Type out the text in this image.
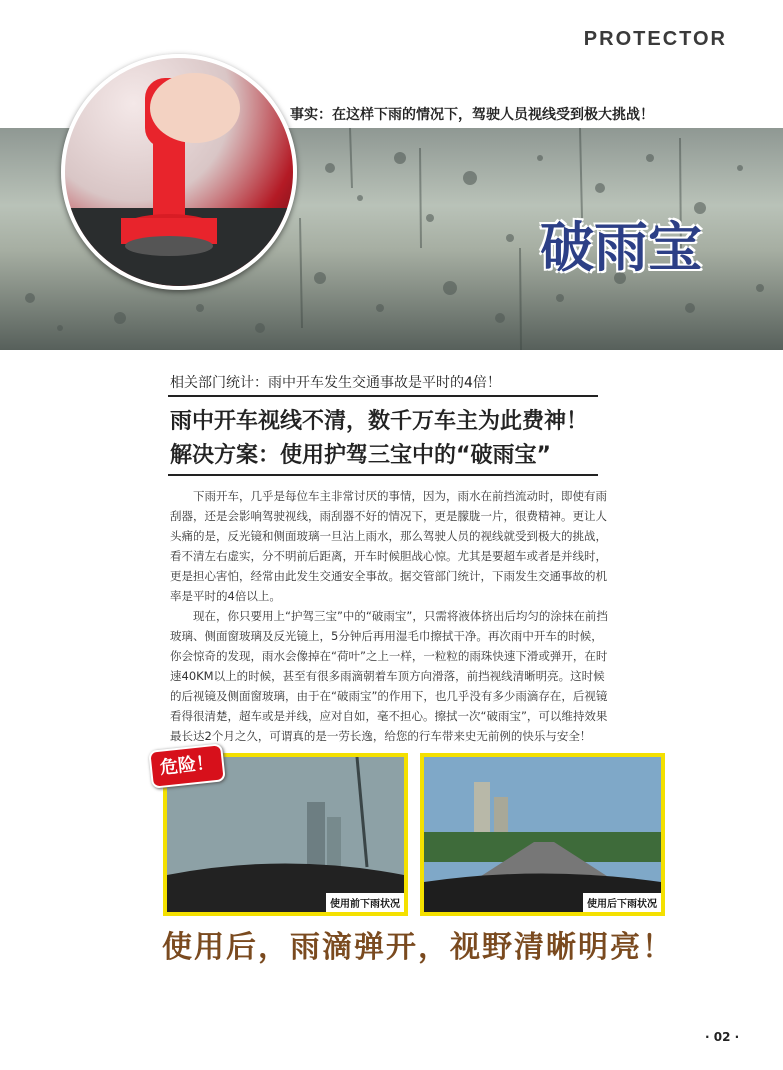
PROTECTOR
事实：在这样下雨的情况下，驾驶人员视线受到极大挑战！
破雨宝
相关部门统计：雨中开车发生交通事故是平时的4倍！
雨中开车视线不清，数千万车主为此费神！
解决方案：使用护驾三宝中的“破雨宝”

下雨开车，几乎是每位车主非常讨厌的事情，因为，雨水在前挡流动时，即使有雨刮器，还是会影响驾驶视线，雨刮器不好的情况下，更是朦胧一片，很费精神。更让人头痛的是，反光镜和侧面玻璃一旦沾上雨水，那么驾驶人员的视线就受到极大的挑战，看不清左右虚实，分不明前后距离，开车时候胆战心惊。尤其是要超车或者是并线时，更是担心害怕，经常由此发生交通安全事故。据交管部门统计，下雨发生交通事故的机率是平时的4倍以上。

现在，你只要用上“护驾三宝”中的“破雨宝”，只需将液体挤出后均匀的涂抹在前挡玻璃、侧面窗玻璃及反光镜上，5分钟后再用湿毛巾擦拭干净。再次雨中开车的时候，你会惊奇的发现，雨水会像掉在“荷叶”之上一样，一粒粒的雨珠快速下滑或弹开，在时速40KM以上的时候，甚至有很多雨滴朝着车顶方向滑落，前挡视线清晰明亮。这时候的后视镜及侧面窗玻璃，由于在“破雨宝”的作用下，也几乎没有多少雨滴存在，后视镜看得很清楚，超车或是并线，应对自如，毫不担心。擦拭一次“破雨宝”，可以维持效果最长达2个月之久，可谓真的是一劳长逸，给您的行车带来史无前例的快乐与安全！

使用前下雨状况
危险！
使用后下雨状况
使用后，雨滴弹开，视野清晰明亮！
· 02 ·
